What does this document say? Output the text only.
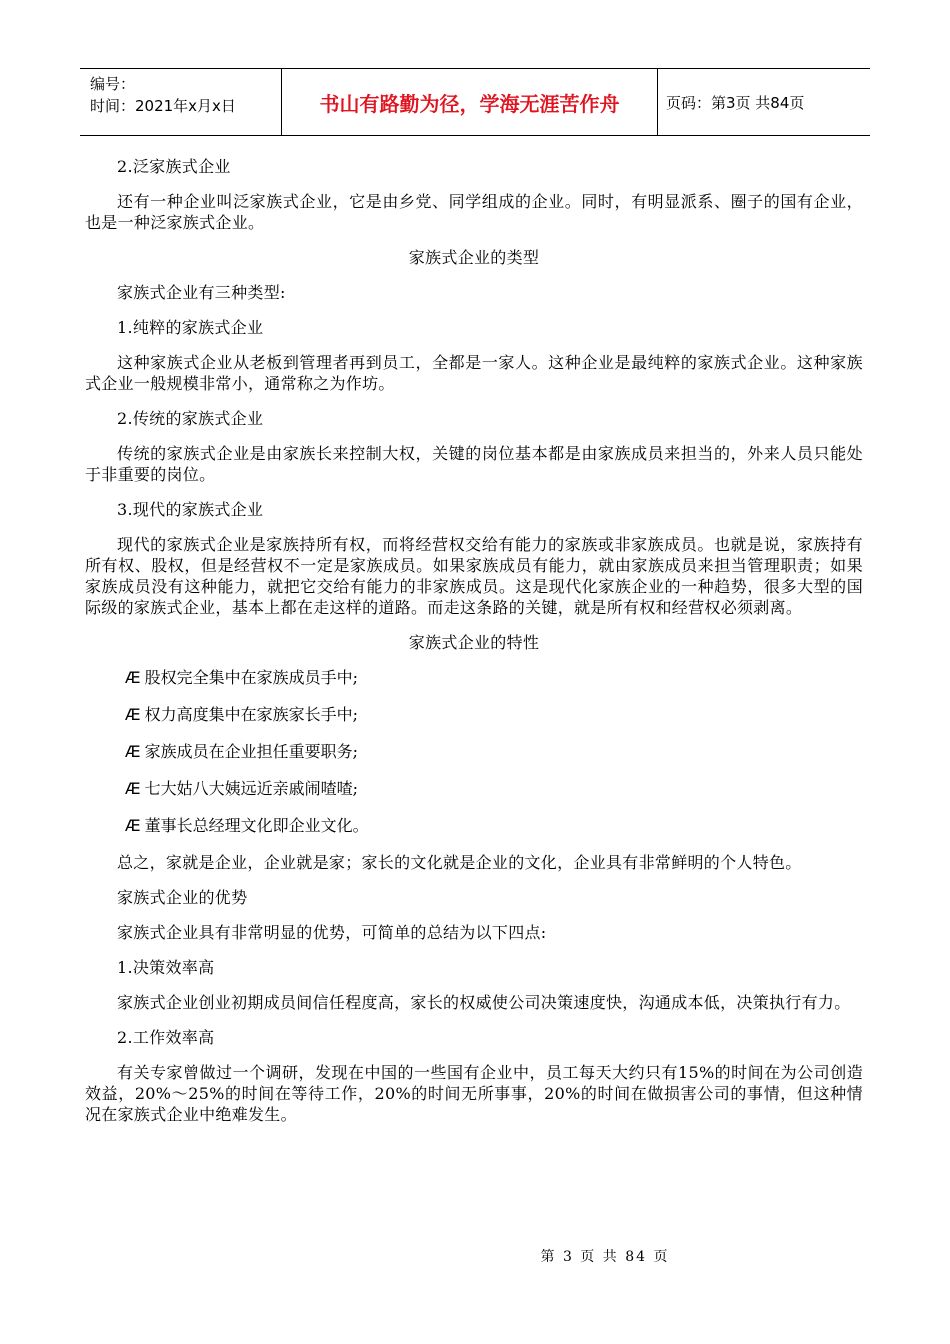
编号：
时间：2021年x月x日	书山有路勤为径，学海无涯苦作舟	页码：第3页 共84页

2.泛家族式企业

还有一种企业叫泛家族式企业，它是由乡党、同学组成的企业。同时，有明显派系、圈子的国有企业，也是一种泛家族式企业。

家族式企业的类型

家族式企业有三种类型:

1.纯粹的家族式企业

这种家族式企业从老板到管理者再到员工，全都是一家人。这种企业是最纯粹的家族式企业。这种家族式企业一般规模非常小，通常称之为作坊。

2.传统的家族式企业

传统的家族式企业是由家族长来控制大权，关键的岗位基本都是由家族成员来担当的，外来人员只能处于非重要的岗位。

3.现代的家族式企业

现代的家族式企业是家族持所有权，而将经营权交给有能力的家族或非家族成员。也就是说，家族持有所有权、股权，但是经营权不一定是家族成员。如果家族成员有能力，就由家族成员来担当管理职责；如果家族成员没有这种能力，就把它交给有能力的非家族成员。这是现代化家族企业的一种趋势，很多大型的国际级的家族式企业，基本上都在走这样的道路。而走这条路的关键，就是所有权和经营权必须剥离。

家族式企业的特性

Æ 股权完全集中在家族成员手中;
Æ 权力高度集中在家族家长手中;
Æ 家族成员在企业担任重要职务;
Æ 七大姑八大姨远近亲戚闹喳喳;
Æ 董事长总经理文化即企业文化。

总之，家就是企业，企业就是家；家长的文化就是企业的文化，企业具有非常鲜明的个人特色。

家族式企业的优势

家族式企业具有非常明显的优势，可简单的总结为以下四点:

1.决策效率高

家族式企业创业初期成员间信任程度高，家长的权威使公司决策速度快，沟通成本低，决策执行有力。

2.工作效率高

有关专家曾做过一个调研，发现在中国的一些国有企业中，员工每天大约只有15%的时间在为公司创造效益，20%～25%的时间在等待工作，20%的时间无所事事，20%的时间在做损害公司的事情，但这种情况在家族式企业中绝难发生。

第 3 页 共 84 页
